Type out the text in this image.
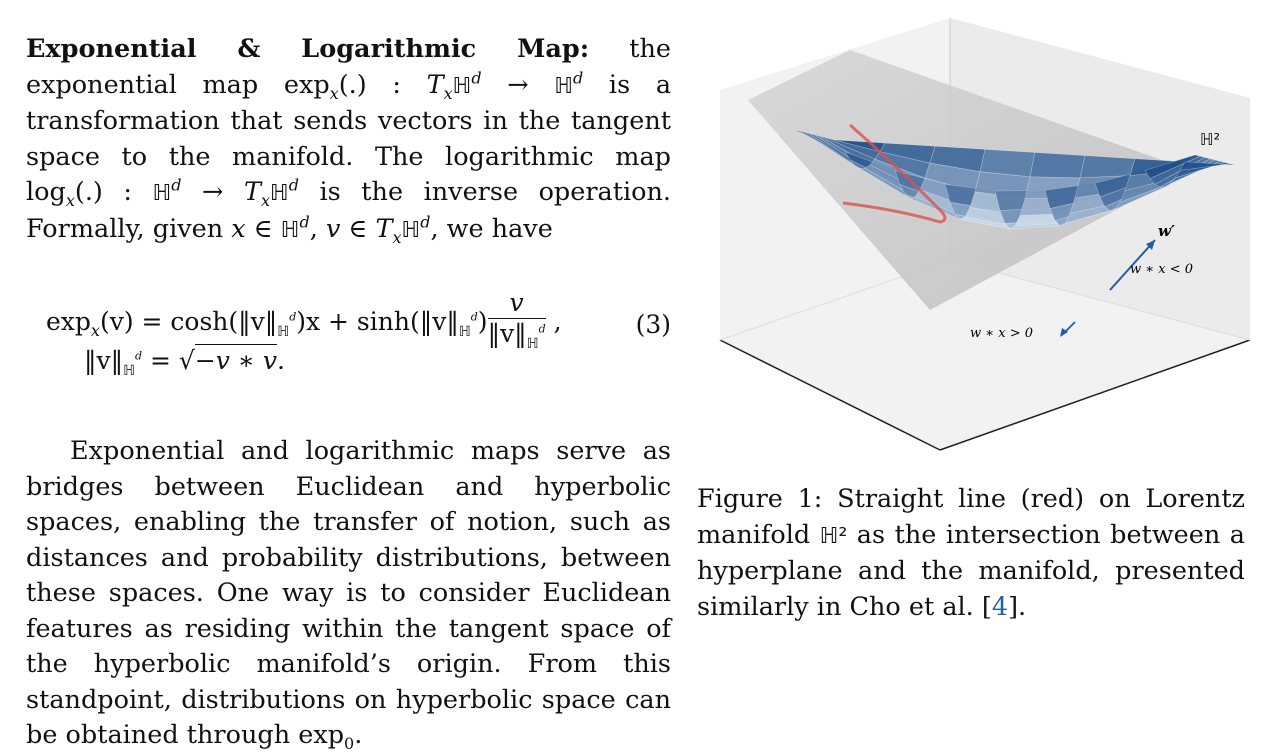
Exponential & Logarithmic Map: the exponential map $\exp_x(.)$ : $T_xℍ^d$ → ℍ$^d$ is a transformation that sends vectors in the tangent space to the manifold. The logarithmic map $\log_x(.)$ : ℍ$^d$ → $T_xℍ^d$ is the inverse operation. Formally, given x ∈ ℍ$^d$, v ∈ $T_xℍ^d$, we have

$\exp_x(v)$ = $\cosh(‖v‖_ℍ^d)x$ + $\sinh(‖v‖_ℍ^d) \frac{v}{‖v‖_ℍ^d}$ ,
$‖v‖_ℍ^d = √-v$ ∗ v.
(3)

Exponential and logarithmic maps serve as bridges between Euclidean and hyperbolic spaces, enabling the transfer of notion, such as distances and probability distributions, between these spaces. One way is to consider Euclidean features as residing within the tangent space of the hyperbolic manifold’s origin. From this standpoint, distributions on hyperbolic space can be obtained through $\exp_0$.

w′
w ∗ x < 0
w ∗ x > 0
ℍ²

Figure 1: Straight line (red) on Lorentz manifold ℍ² as the intersection between a hyperplane and the manifold, presented similarly in Cho et al. [4].
